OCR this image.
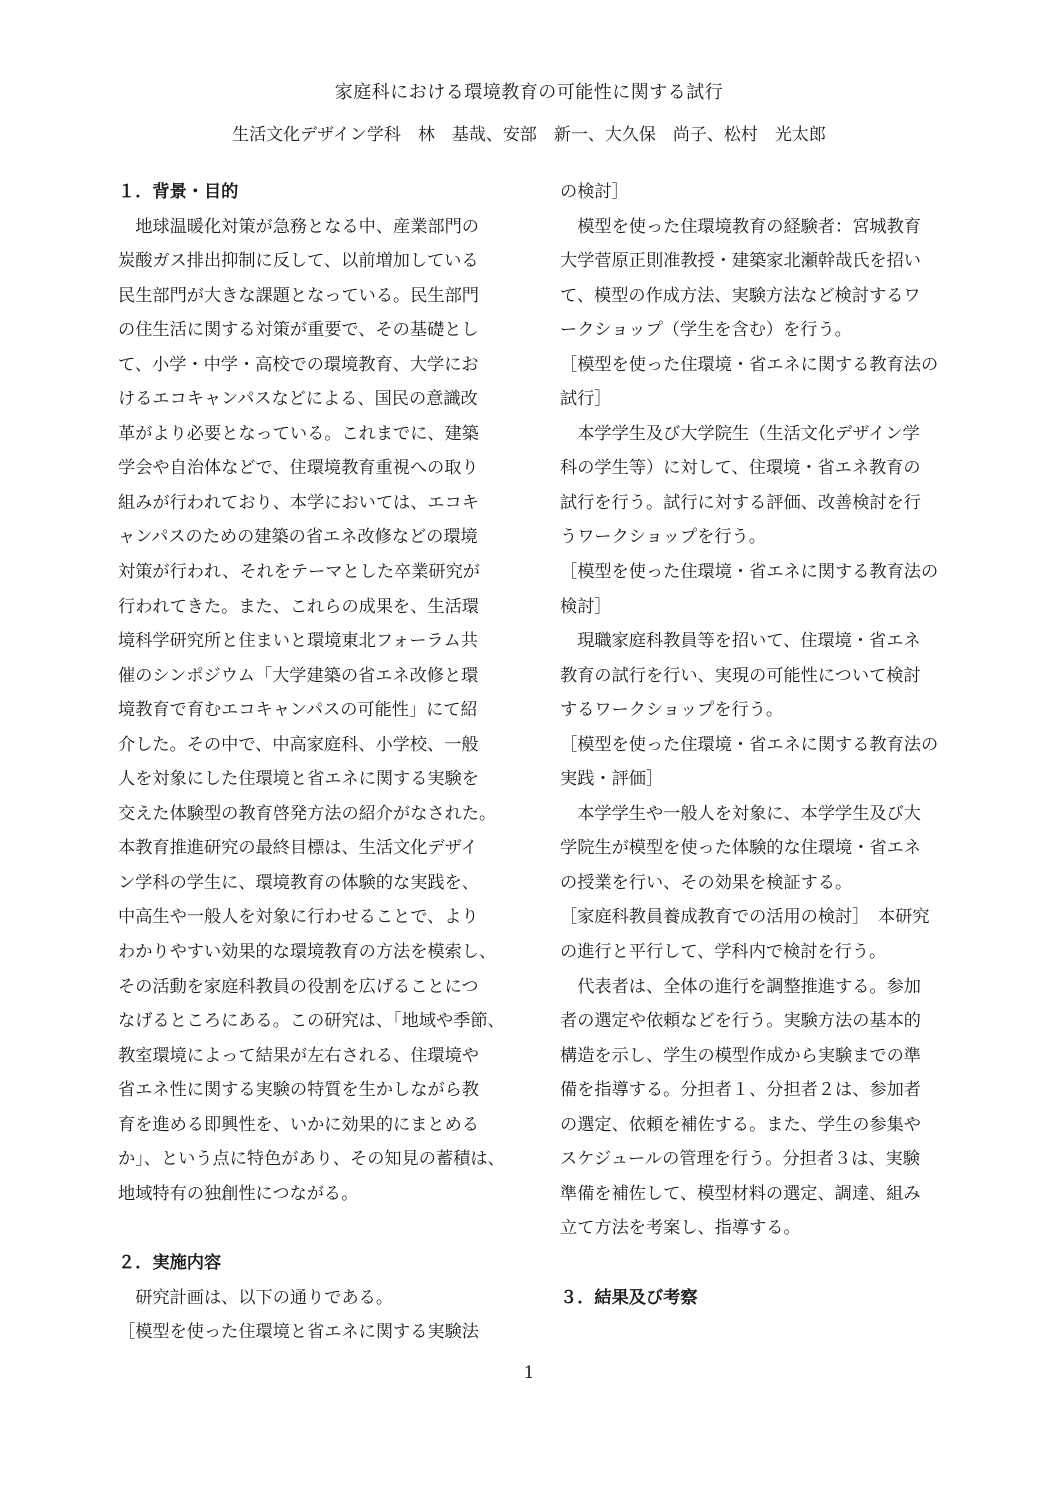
家庭科における環境教育の可能性に関する試行
生活文化デザイン学科　林　基哉、安部　新一、大久保　尚子、松村　光太郎
１．背景・目的
　地球温暖化対策が急務となる中、産業部門の
炭酸ガス排出抑制に反して、以前増加している
民生部門が大きな課題となっている。民生部門
の住生活に関する対策が重要で、その基礎とし
て、小学・中学・高校での環境教育、大学にお
けるエコキャンパスなどによる、国民の意識改
革がより必要となっている。これまでに、建築
学会や自治体などで、住環境教育重視への取り
組みが行われており、本学においては、エコキ
ャンパスのための建築の省エネ改修などの環境
対策が行われ、それをテーマとした卒業研究が
行われてきた。また、これらの成果を、生活環
境科学研究所と住まいと環境東北フォーラム共
催のシンポジウム「大学建築の省エネ改修と環
境教育で育むエコキャンパスの可能性」にて紹
介した。その中で、中高家庭科、小学校、一般
人を対象にした住環境と省エネに関する実験を
交えた体験型の教育啓発方法の紹介がなされた。
本教育推進研究の最終目標は、生活文化デザイ
ン学科の学生に、環境教育の体験的な実践を、
中高生や一般人を対象に行わせることで、より
わかりやすい効果的な環境教育の方法を模索し、
その活動を家庭科教員の役割を広げることにつ
なげるところにある。この研究は、「地域や季節、
教室環境によって結果が左右される、住環境や
省エネ性に関する実験の特質を生かしながら教
育を進める即興性を、いかに効果的にまとめる
か」、という点に特色があり、その知見の蓄積は、
地域特有の独創性につながる。
２．実施内容
　研究計画は、以下の通りである。
［模型を使った住環境と省エネに関する実験法
の検討］
　模型を使った住環境教育の経験者：宮城教育
大学菅原正則准教授・建築家北瀬幹哉氏を招い
て、模型の作成方法、実験方法など検討するワ
ークショップ（学生を含む）を行う。
［模型を使った住環境・省エネに関する教育法の
試行］
　本学学生及び大学院生（生活文化デザイン学
科の学生等）に対して、住環境・省エネ教育の
試行を行う。試行に対する評価、改善検討を行
うワークショップを行う。
［模型を使った住環境・省エネに関する教育法の
検討］
　現職家庭科教員等を招いて、住環境・省エネ
教育の試行を行い、実現の可能性について検討
するワークショップを行う。
［模型を使った住環境・省エネに関する教育法の
実践・評価］
　本学学生や一般人を対象に、本学学生及び大
学院生が模型を使った体験的な住環境・省エネ
の授業を行い、その効果を検証する。
［家庭科教員養成教育での活用の検討］　本研究
の進行と平行して、学科内で検討を行う。
　代表者は、全体の進行を調整推進する。参加
者の選定や依頼などを行う。実験方法の基本的
構造を示し、学生の模型作成から実験までの準
備を指導する。分担者１、分担者２は、参加者
の選定、依頼を補佐する。また、学生の参集や
スケジュールの管理を行う。分担者３は、実験
準備を補佐して、模型材料の選定、調達、組み
立て方法を考案し、指導する。
３．結果及び考察
1
